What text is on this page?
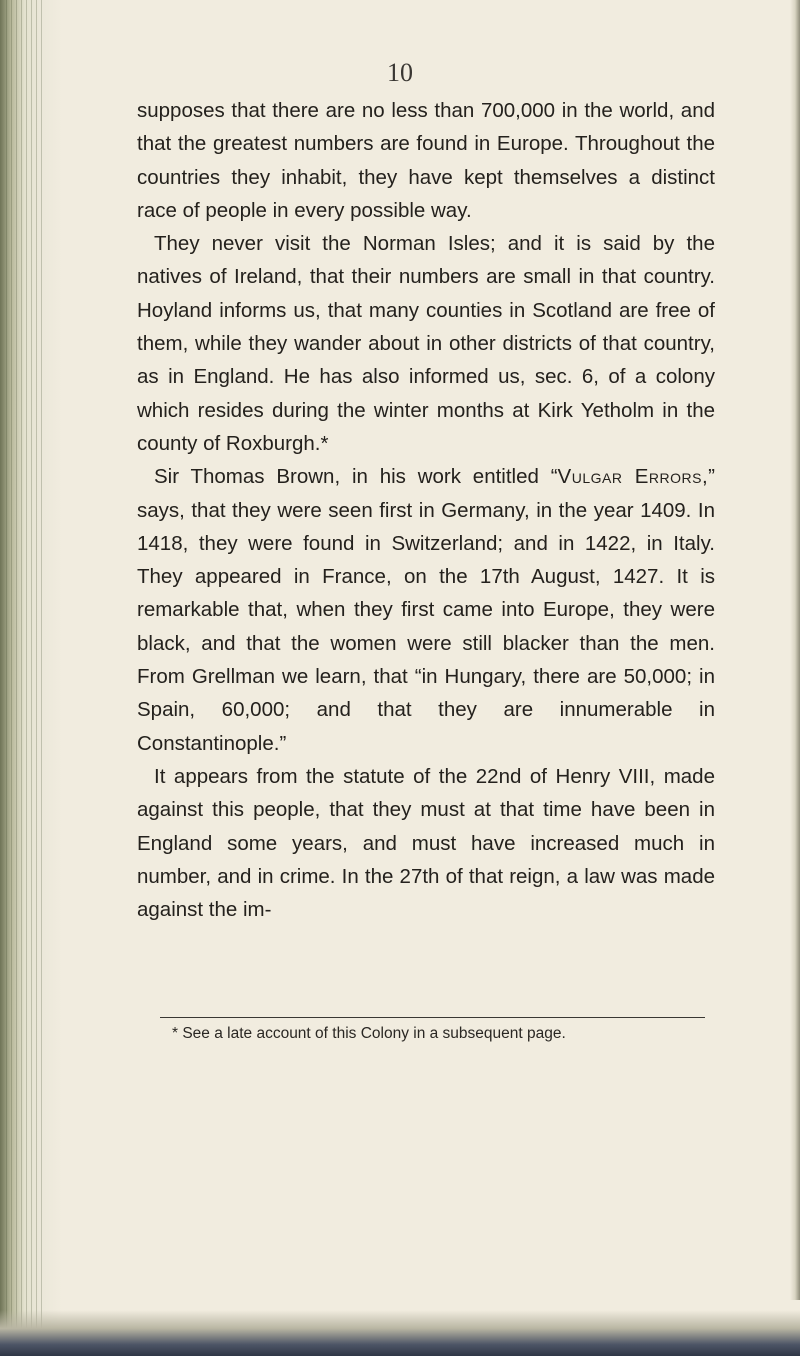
10

supposes that there are no less than 700,000 in the world, and that the greatest numbers are found in Europe. Throughout the countries they inhabit, they have kept themselves a distinct race of people in every possible way.

They never visit the Norman Isles; and it is said by the natives of Ireland, that their numbers are small in that country. Hoyland informs us, that many counties in Scotland are free of them, while they wander about in other districts of that country, as in England. He has also informed us, sec. 6, of a colony which resides during the winter months at Kirk Yetholm in the county of Roxburgh.*

Sir Thomas Brown, in his work entitled “Vulgar Errors,” says, that they were seen first in Germany, in the year 1409. In 1418, they were found in Switzerland; and in 1422, in Italy. They appeared in France, on the 17th August, 1427. It is remarkable that, when they first came into Europe, they were black, and that the women were still blacker than the men. From Grellman we learn, that “in Hungary, there are 50,000; in Spain, 60,000; and that they are innumerable in Constantinople.”

It appears from the statute of the 22nd of Henry VIII, made against this people, that they must at that time have been in England some years, and must have increased much in number, and in crime. In the 27th of that reign, a law was made against the im-

* See a late account of this Colony in a subsequent page.
